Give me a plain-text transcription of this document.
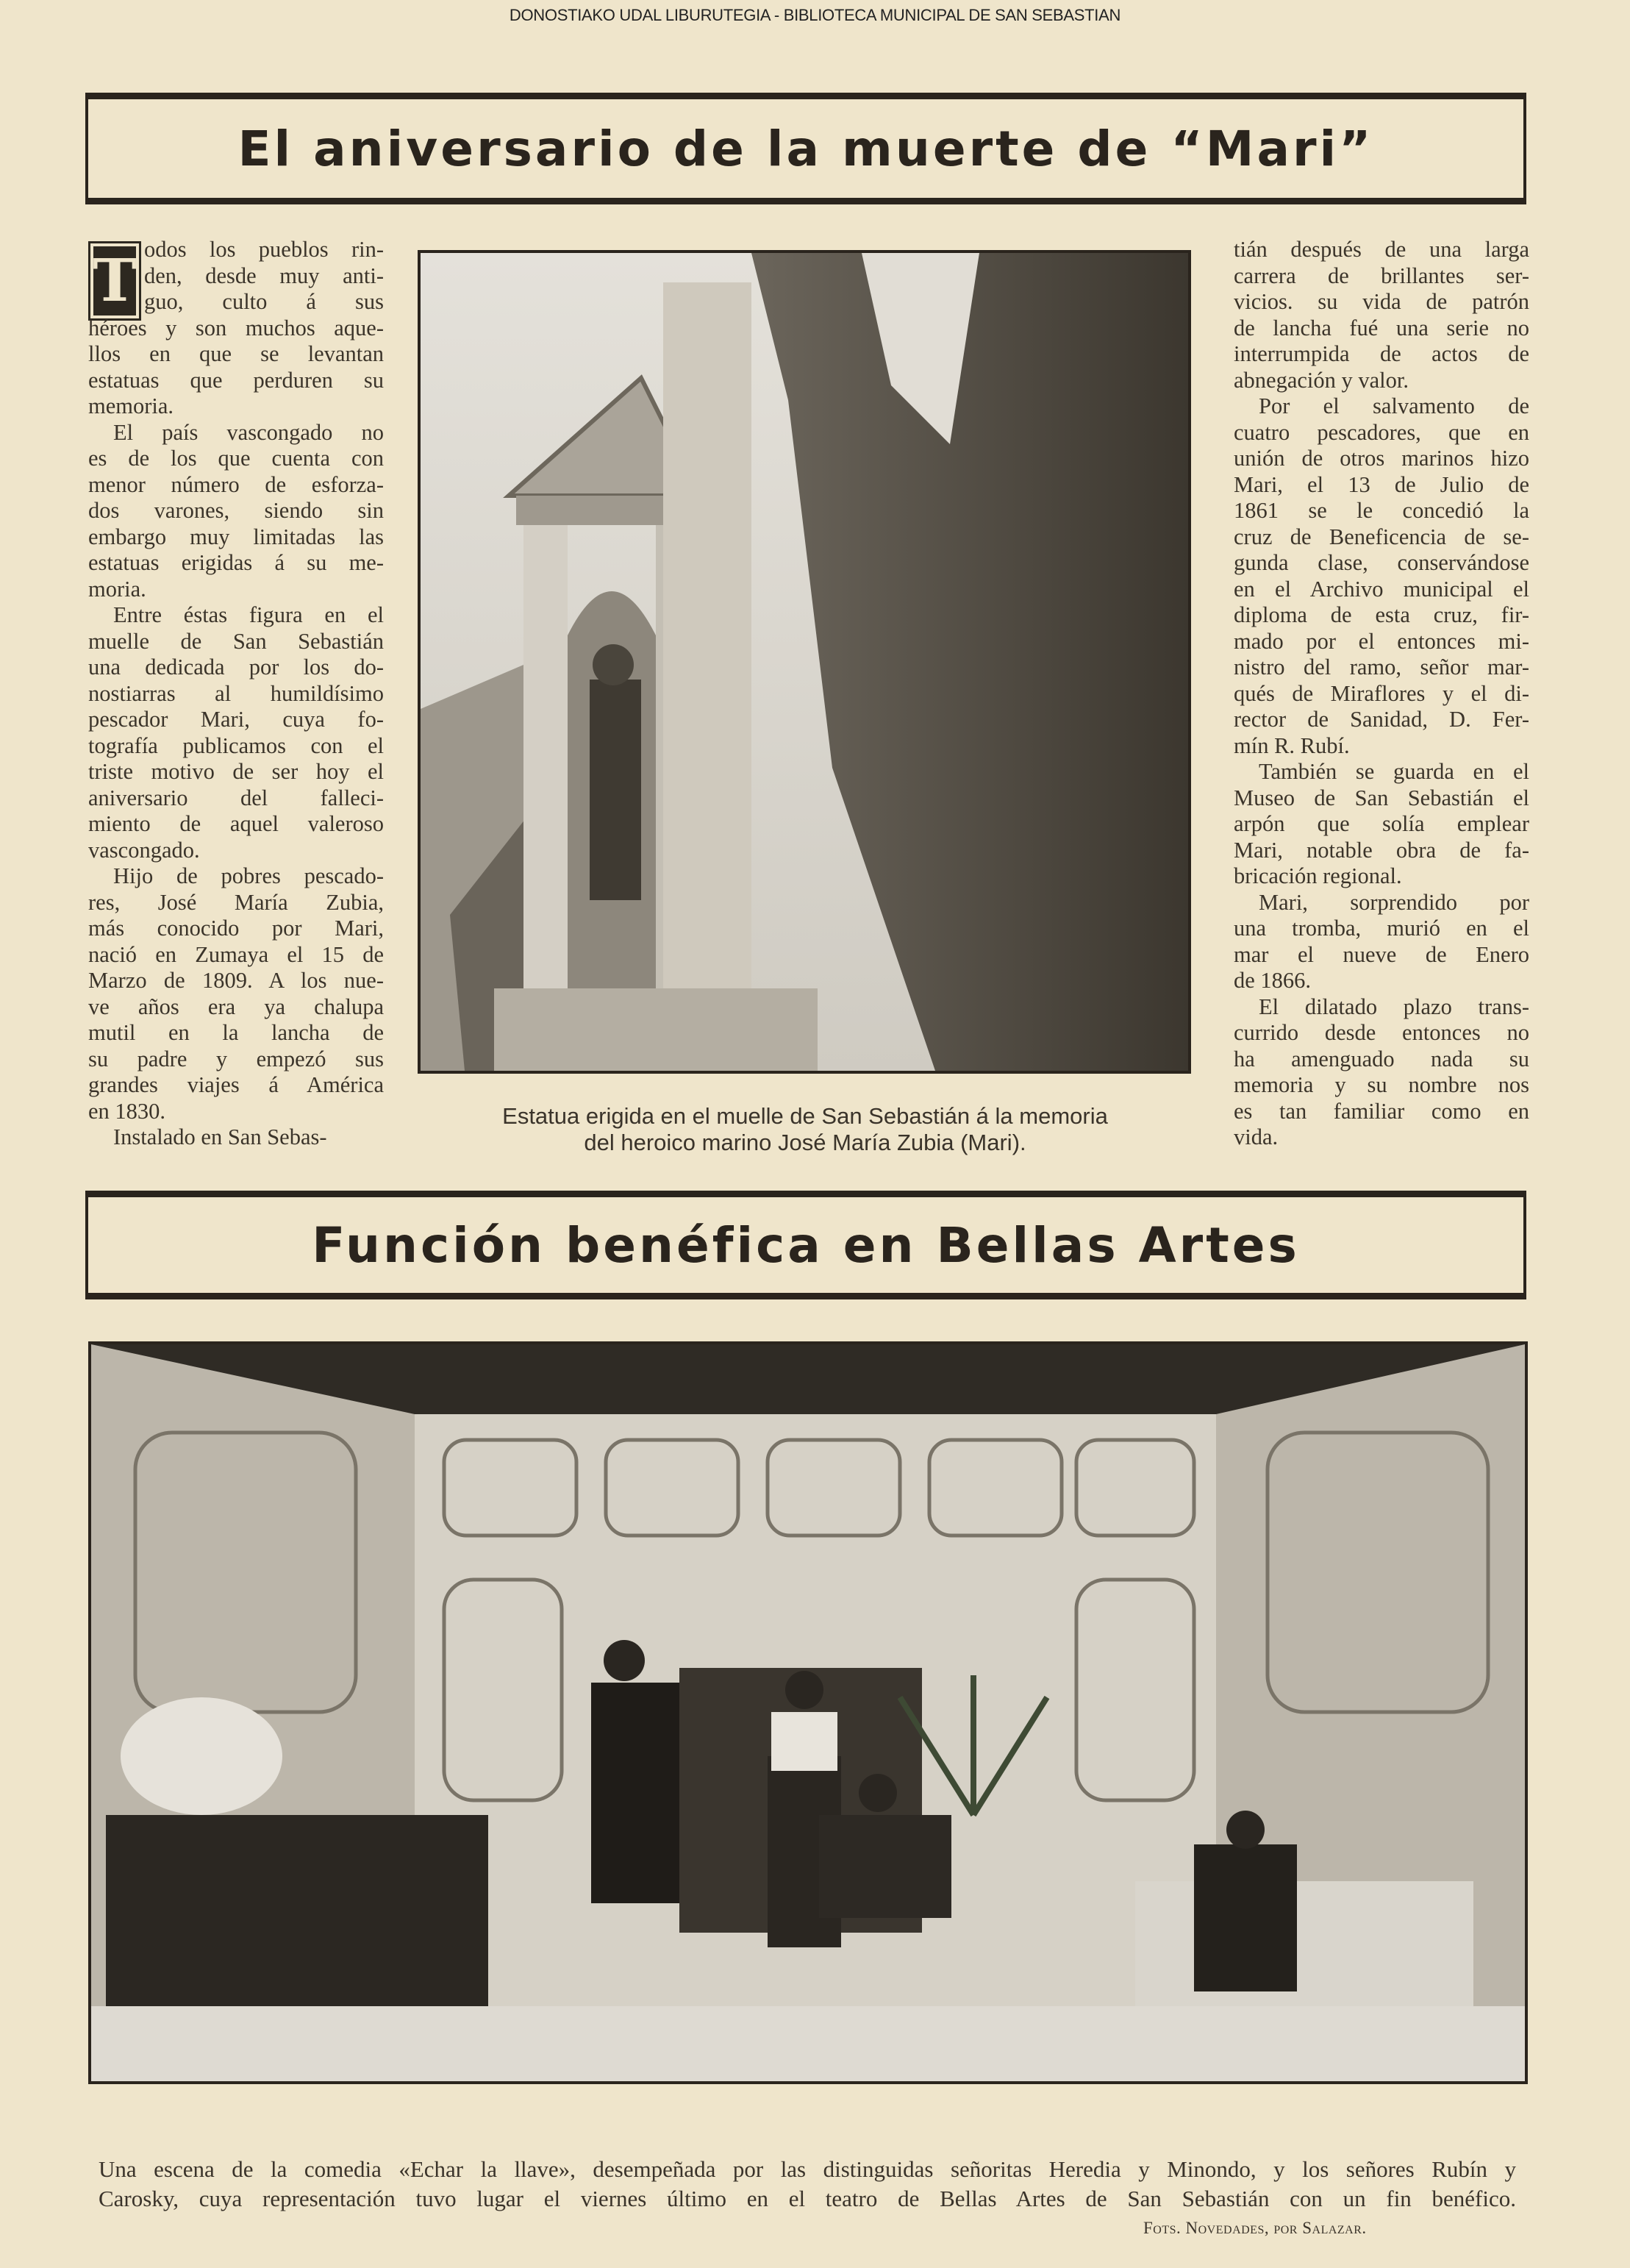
DONOSTIAKO UDAL LIBURUTEGIA - BIBLIOTECA MUNICIPAL DE SAN SEBASTIAN
El aniversario de la muerte de “Mari”
T odos los pueblos rin-
den, desde muy anti-
guo, culto á sus
héroes y son muchos aque-
llos en que se levantan
estatuas que perduren su
memoria.
El país vascongado no
es de los que cuenta con
menor número de esforza-
dos varones, siendo sin
embargo muy limitadas las
estatuas erigidas á su me-
moria.
Entre éstas figura en el
muelle de San Sebastián
una dedicada por los do-
nostiarras al humildísimo
pescador Mari, cuya fo-
tografía publicamos con el
triste motivo de ser hoy el
aniversario del falleci-
miento de aquel valeroso
vascongado.
Hijo de pobres pescado-
res, José María Zubia,
más conocido por Mari,
nació en Zumaya el 15 de
Marzo de 1809. A los nue-
ve años era ya chalupa
mutil en la lancha de
su padre y empezó sus
grandes viajes á América
en 1830.
Instalado en San Sebas-
tián después de una larga
carrera de brillantes ser-
vicios. su vida de patrón
de lancha fué una serie no
interrumpida de actos de
abnegación y valor.
Por el salvamento de
cuatro pescadores, que en
unión de otros marinos hizo
Mari, el 13 de Julio de
1861 se le concedió la
cruz de Beneficencia de se-
gunda clase, conservándose
en el Archivo municipal el
diploma de esta cruz, fir-
mado por el entonces mi-
nistro del ramo, señor mar-
qués de Miraflores y el di-
rector de Sanidad, D. Fer-
mín R. Rubí.
También se guarda en el
Museo de San Sebastián el
arpón que solía emplear
Mari, notable obra de fa-
bricación regional.
Mari, sorprendido por
una tromba, murió en el
mar el nueve de Enero
de 1866.
El dilatado plazo trans-
currido desde entonces no
ha amenguado nada su
memoria y su nombre nos
es tan familiar como en
vida.
Estatua erigida en el muelle de San Sebastián á la memoria
del heroico marino José María Zubia (Mari).
Función benéfica en Bellas Artes
Una escena de la comedia «Echar la llave», desempeñada por las distinguidas señoritas Heredia y Minondo, y los señores Rubín y
Carosky, cuya representación tuvo lugar el viernes último en el teatro de Bellas Artes de San Sebastián con un fin benéfico.
Fots. Novedades, por Salazar.
